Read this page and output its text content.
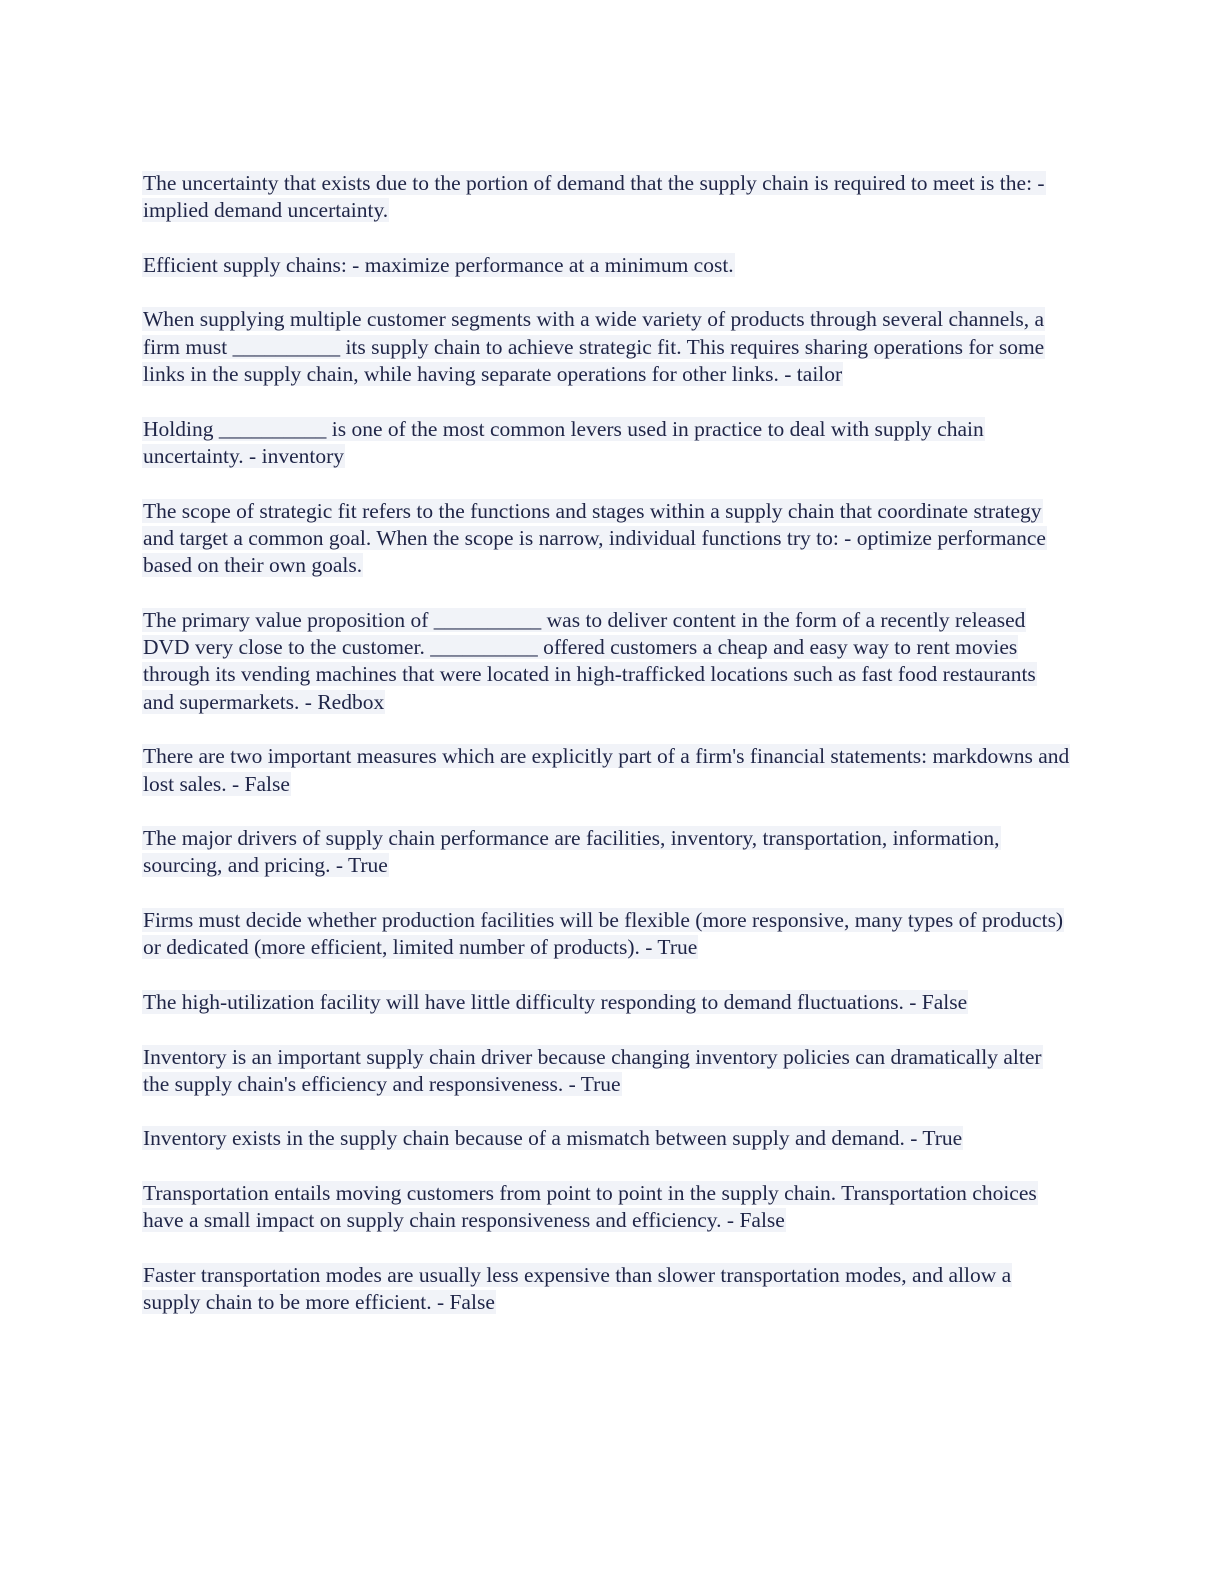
The uncertainty that exists due to the portion of demand that the supply chain is required to meet is the: - implied demand uncertainty.

Efficient supply chains: - maximize performance at a minimum cost.

When supplying multiple customer segments with a wide variety of products through several channels, a firm must __________ its supply chain to achieve strategic fit. This requires sharing operations for some links in the supply chain, while having separate operations for other links. - tailor

Holding __________ is one of the most common levers used in practice to deal with supply chain uncertainty. - inventory

The scope of strategic fit refers to the functions and stages within a supply chain that coordinate strategy and target a common goal. When the scope is narrow, individual functions try to: - optimize performance based on their own goals.

The primary value proposition of __________ was to deliver content in the form of a recently released DVD very close to the customer. __________ offered customers a cheap and easy way to rent movies through its vending machines that were located in high-trafficked locations such as fast food restaurants and supermarkets. - Redbox

There are two important measures which are explicitly part of a firm's financial statements: markdowns and lost sales. - False

The major drivers of supply chain performance are facilities, inventory, transportation, information, sourcing, and pricing. - True

Firms must decide whether production facilities will be flexible (more responsive, many types of products) or dedicated (more efficient, limited number of products). - True

The high-utilization facility will have little difficulty responding to demand fluctuations. - False

Inventory is an important supply chain driver because changing inventory policies can dramatically alter the supply chain's efficiency and responsiveness. - True

Inventory exists in the supply chain because of a mismatch between supply and demand. - True

Transportation entails moving customers from point to point in the supply chain. Transportation choices have a small impact on supply chain responsiveness and efficiency. - False

Faster transportation modes are usually less expensive than slower transportation modes, and allow a supply chain to be more efficient. - False
